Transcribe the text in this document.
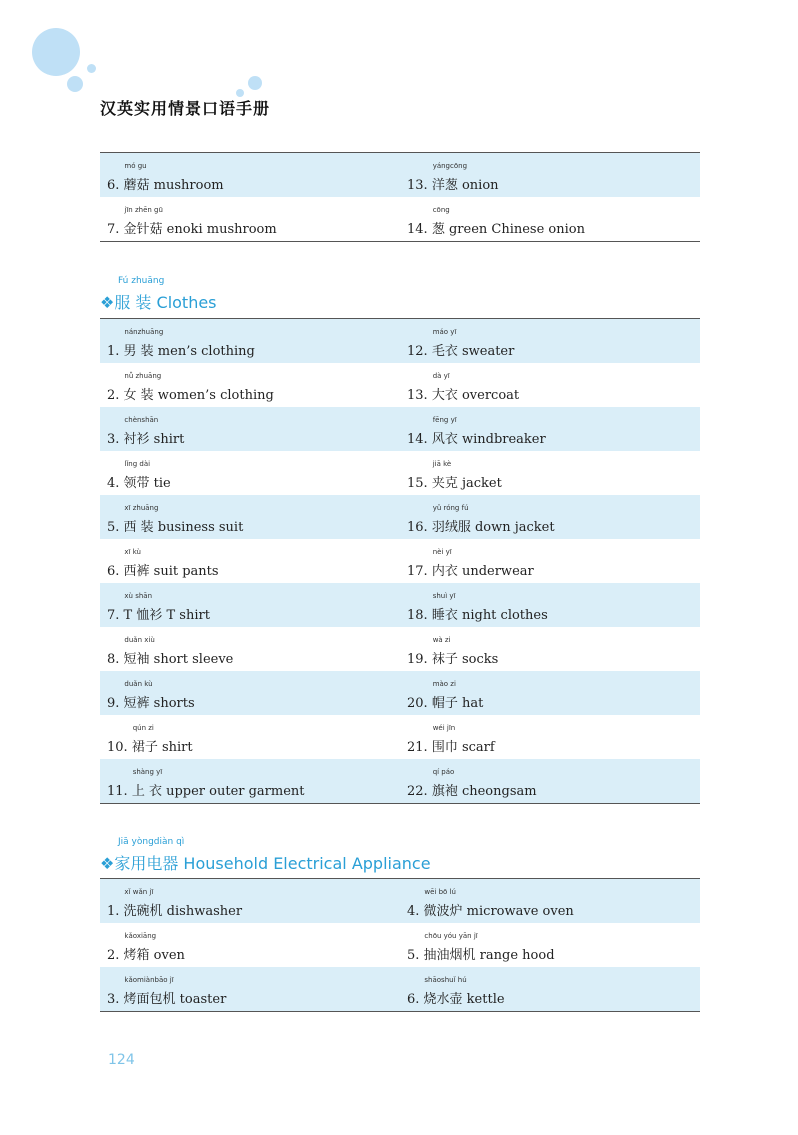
汉英实用情景口语手册
mó gu
6. 蘑菇 mushroom
yángcōng
13. 洋葱 onion
jīn zhēn gū
7. 金针菇 enoki mushroom
cōng
14. 葱 green Chinese onion
Fú zhuāng
❖服 装 Clothes
nánzhuāng
1. 男 装 men’s clothing
máo yī
12. 毛衣 sweater
nǚ zhuāng
2. 女 装 women’s clothing
dà yī
13. 大衣 overcoat
chènshān
3. 衬衫 shirt
fēng yī
14. 风衣 windbreaker
lǐng dài
4. 领带 tie
jiā kè
15. 夹克 jacket
xī zhuāng
5. 西 装 business suit
yǔ róng fú
16. 羽绒服 down jacket
xī kù
6. 西裤 suit pants
nèi yī
17. 内衣 underwear
xù shān
7. T 恤衫 T shirt
shuì yī
18. 睡衣 night clothes
duǎn xiù
8. 短袖 short sleeve
wà zi
19. 袜子 socks
duǎn kù
9. 短裤 shorts
mào zi
20. 帽子 hat
qún zi
10. 裙子 shirt
wéi jīn
21. 围巾 scarf
shàng yī
11. 上 衣 upper outer garment
qí páo
22. 旗袍 cheongsam
Jiā yòngdiàn qì
❖家用电器 Household Electrical Appliance
xǐ wǎn jī
1. 洗碗机 dishwasher
wēi bō lú
4. 微波炉 microwave oven
kǎoxiāng
2. 烤箱 oven
chōu yóu yān jī
5. 抽油烟机 range hood
kǎomiànbāo jī
3. 烤面包机 toaster
shāoshuǐ hú
6. 烧水壶 kettle
124
